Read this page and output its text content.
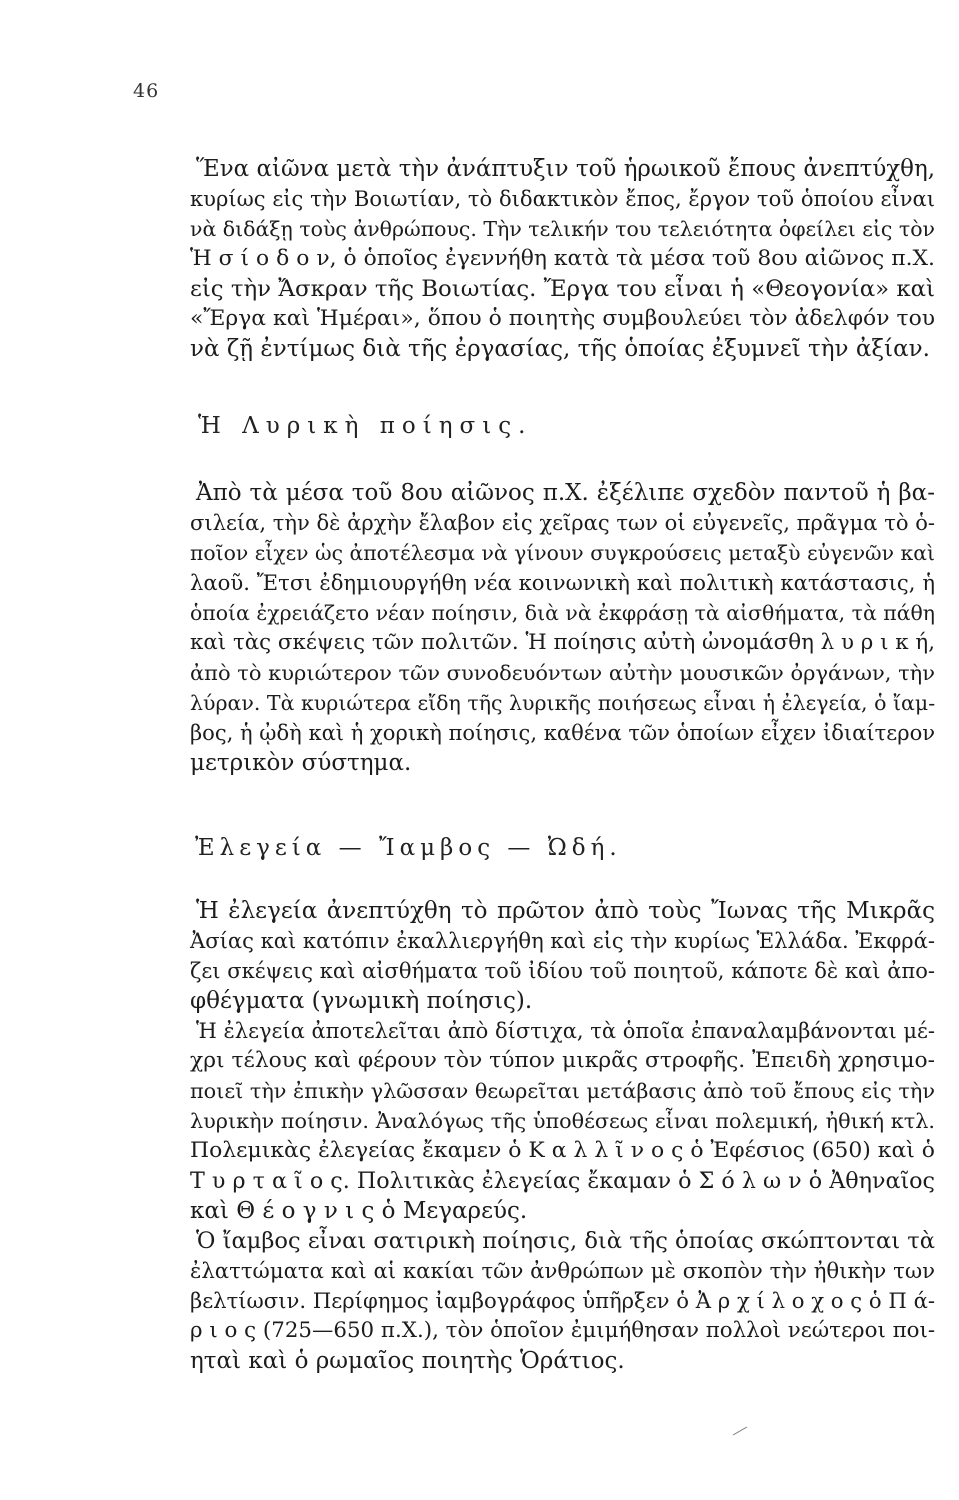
46
Ἕνα αἰῶνα μετὰ τὴν ἀνάπτυξιν τοῦ ἡρωικοῦ ἔπους ἀνεπτύχθη,
κυρίως εἰς τὴν Βοιωτίαν, τὸ διδακτικὸν ἔπος, ἔργον τοῦ ὁποίου εἶναι
νὰ διδάξῃ τοὺς ἀνθρώπους. Τὴν τελικήν του τελειότητα ὀφείλει εἰς τὸν
Ἡ σ ί ο δ ο ν, ὁ ὁποῖος ἐγεννήθη κατὰ τὰ μέσα τοῦ 8ου αἰῶνος π.Χ.
εἰς τὴν Ἄσκραν τῆς Βοιωτίας. Ἔργα του εἶναι ἡ «Θεογονία» καὶ
«Ἔργα καὶ Ἡμέραι», ὅπου ὁ ποιητὴς συμβουλεύει τὸν ἀδελφόν του
νὰ ζῇ ἐντίμως διὰ τῆς ἐργασίας, τῆς ὁποίας ἐξυμνεῖ τὴν ἀξίαν.
Ἡ Λυρικὴ ποίησις.
Ἀπὸ τὰ μέσα τοῦ 8ου αἰῶνος π.Χ. ἐξέλιπε σχεδὸν παντοῦ ἡ βα-
σιλεία, τὴν δὲ ἀρχὴν ἔλαβον εἰς χεῖρας των οἱ εὐγενεῖς, πρᾶγμα τὸ ὁ-
ποῖον εἶχεν ὡς ἀποτέλεσμα νὰ γίνουν συγκρούσεις μεταξὺ εὐγενῶν καὶ
λαοῦ. Ἔτσι ἐδημιουργήθη νέα κοινωνικὴ καὶ πολιτικὴ κατάστασις, ἡ
ὁποία ἐχρειάζετο νέαν ποίησιν, διὰ νὰ ἐκφράσῃ τὰ αἰσθήματα, τὰ πάθη
καὶ τὰς σκέψεις τῶν πολιτῶν. Ἡ ποίησις αὐτὴ ὠνομάσθη λ υ ρ ι κ ή,
ἀπὸ τὸ κυριώτερον τῶν συνοδευόντων αὐτὴν μουσικῶν ὀργάνων, τὴν
λύραν. Τὰ κυριώτερα εἴδη τῆς λυρικῆς ποιήσεως εἶναι ἡ ἐλεγεία, ὁ ἴαμ-
βος, ἡ ᾠδὴ καὶ ἡ χορικὴ ποίησις, καθένα τῶν ὁποίων εἶχεν ἰδιαίτερον
μετρικὸν σύστημα.
Ἐλεγεία — Ἴαμβος — Ὠδή.
Ἡ ἐλεγεία ἀνεπτύχθη τὸ πρῶτον ἀπὸ τοὺς Ἴωνας τῆς Μικρᾶς
Ἀσίας καὶ κατόπιν ἐκαλλιεργήθη καὶ εἰς τὴν κυρίως Ἑλλάδα. Ἐκφρά-
ζει σκέψεις καὶ αἰσθήματα τοῦ ἰδίου τοῦ ποιητοῦ, κάποτε δὲ καὶ ἀπο-
φθέγματα (γνωμικὴ ποίησις).
Ἡ ἐλεγεία ἀποτελεῖται ἀπὸ δίστιχα, τὰ ὁποῖα ἐπαναλαμβάνονται μέ-
χρι τέλους καὶ φέρουν τὸν τύπον μικρᾶς στροφῆς. Ἐπειδὴ χρησιμο-
ποιεῖ τὴν ἐπικὴν γλῶσσαν θεωρεῖται μετάβασις ἀπὸ τοῦ ἔπους εἰς τὴν
λυρικὴν ποίησιν. Ἀναλόγως τῆς ὑποθέσεως εἶναι πολεμική, ἠθική κτλ.
Πολεμικὰς ἐλεγείας ἔκαμεν ὁ Κ α λ λ ῖ ν ο ς ὁ Ἐφέσιος (650) καὶ ὁ
Τ υ ρ τ α ῖ ο ς. Πολιτικὰς ἐλεγείας ἔκαμαν ὁ Σ ό λ ω ν ὁ Ἀθηναῖος
καὶ Θ έ ο γ ν ι ς ὁ Μεγαρεύς.
Ὁ ἴαμβος εἶναι σατιρικὴ ποίησις, διὰ τῆς ὁποίας σκώπτονται τὰ
ἐλαττώματα καὶ αἱ κακίαι τῶν ἀνθρώπων μὲ σκοπὸν τὴν ἠθικὴν των
βελτίωσιν. Περίφημος ἰαμβογράφος ὑπῆρξεν ὁ Ἀ ρ χ ί λ ο χ ο ς ὁ Π ά-
ρ ι ο ς (725—650 π.Χ.), τὸν ὁποῖον ἐμιμήθησαν πολλοὶ νεώτεροι ποι-
ηταὶ καὶ ὁ ρωμαῖος ποιητὴς Ὁράτιος.
